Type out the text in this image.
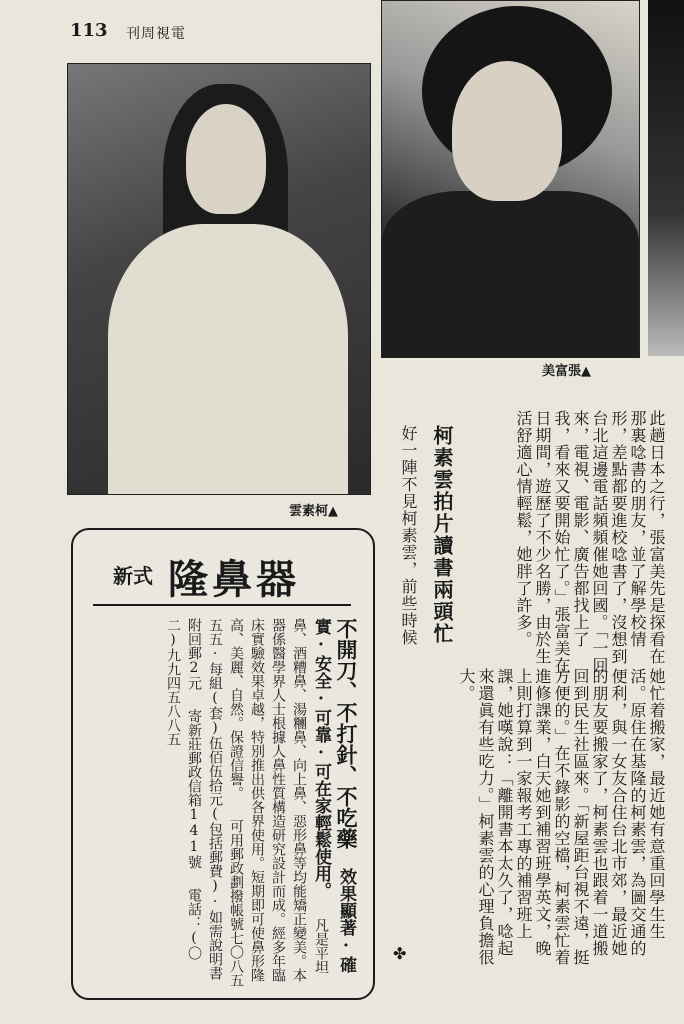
113 刊周視電
雲素柯▲
美富張▲
此趟日本之行，張富美先是探看在那裏唸書的朋友，並了解學校情形，差點都要進校唸書了，沒想到台北這邊電話頻頻催她回國。「一回來，電視、電影、廣告都找上了我，看來又要開始忙了。」張富美在日期間，遊歷了不少名勝，由於生活舒適心情輕鬆，她胖了許多。
柯素雲拍片讀書兩頭忙
好一陣不見柯素雲，前些時候
她忙着搬家，最近她有意重回學生生活。原住在基隆的柯素雲，為圖交通的便利，與一女友合住台北市郊，最近她的朋友要搬家了，柯素雲也跟着一道搬回到民生社區來。「新屋距台視不遠，挺方便的。」在不錄影的空檔，柯素雲忙着進修課業，白天她到補習班學英文，晚上則打算到一家報考工專的補習班上課，她嘆說：「離開書本太久了，唸起來還眞有些吃力。」柯素雲的心理負擔很大。
✤
新式 隆鼻器
不開刀、不打針、不吃藥 效果顯著·確實·安全·可靠·可在家輕鬆使用。 凡是平坦鼻、酒糟鼻、湯糰鼻、向上鼻、惡形鼻等均能矯正變美。本器係醫學界人士根據人鼻性質構造研究設計而成。經多年臨床實驗效果卓越，特別推出供各界使用。短期即可使鼻形隆高、美麗、自然。保證信譽。 可用郵政劃撥帳號七〇八五五五·每組(套)伍佰伍拾元(包括郵費)·如需說明書附回郵2元 寄新莊郵政信箱141號 電話：(〇二)九九四五八八五
